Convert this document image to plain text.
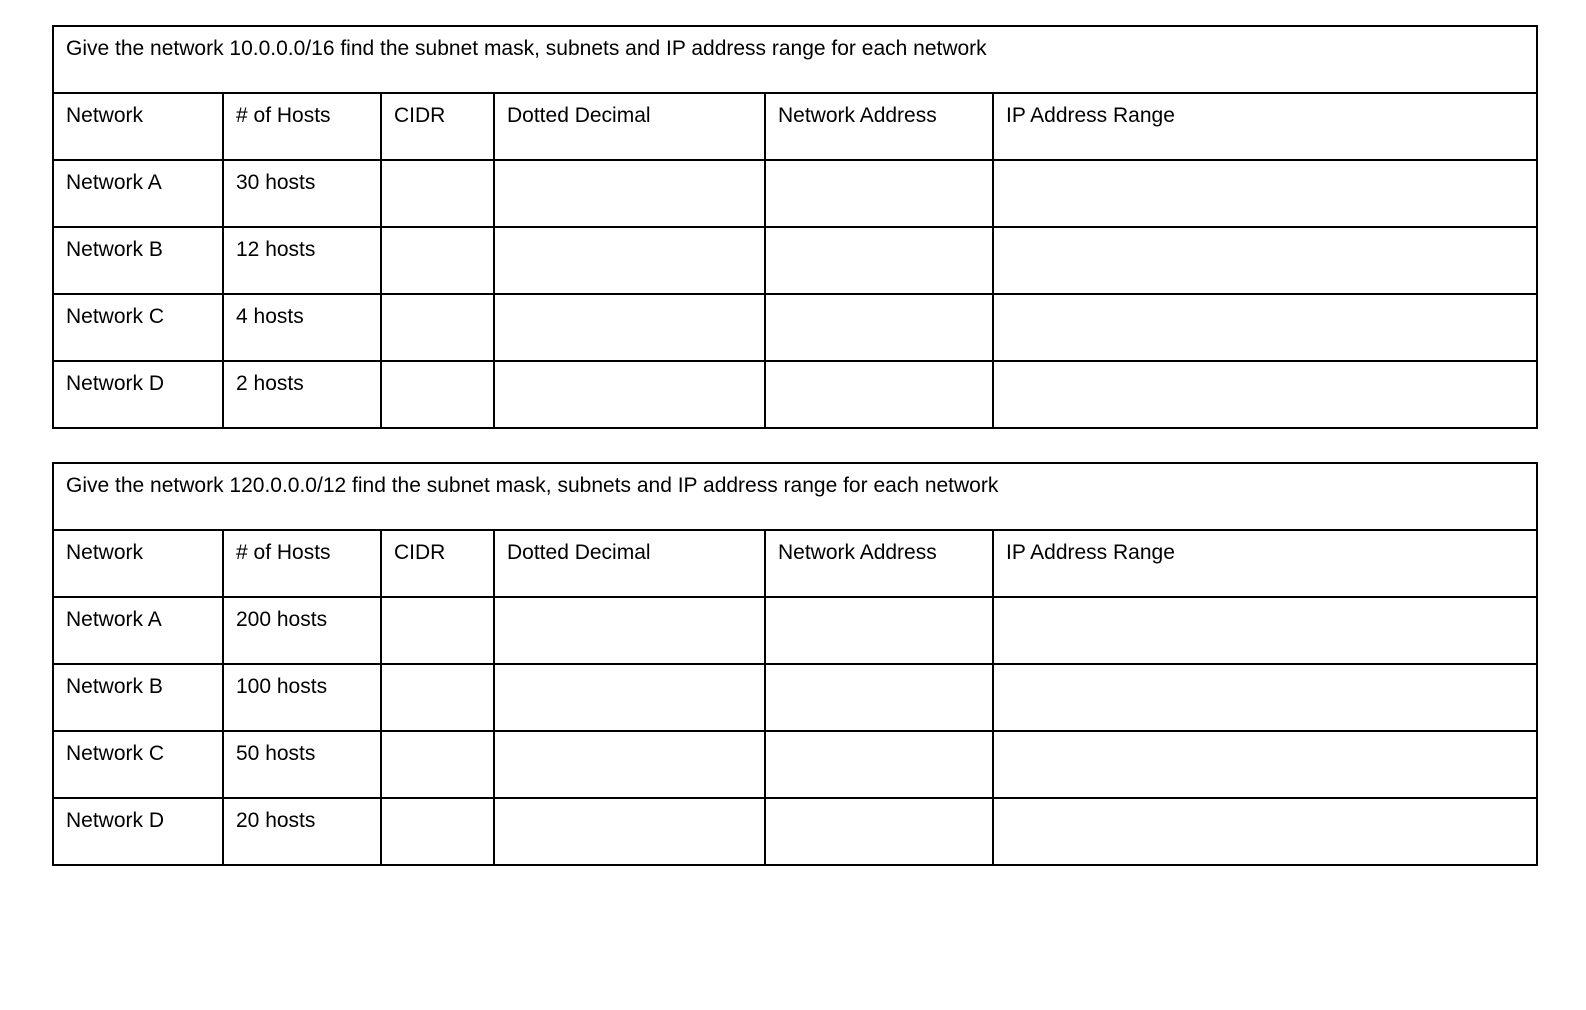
Give the network 10.0.0.0/16 find the subnet mask, subnets and IP address range for each network					
Network	# of Hosts	CIDR	Dotted Decimal	Network Address	IP Address Range
Network A	30 hosts				
Network B	12 hosts				
Network C	4 hosts				
Network D	2 hosts				
Give the network 120.0.0.0/12 find the subnet mask, subnets and IP address range for each network					
Network	# of Hosts	CIDR	Dotted Decimal	Network Address	IP Address Range
Network A	200 hosts				
Network B	100 hosts				
Network C	50 hosts				
Network D	20 hosts				
